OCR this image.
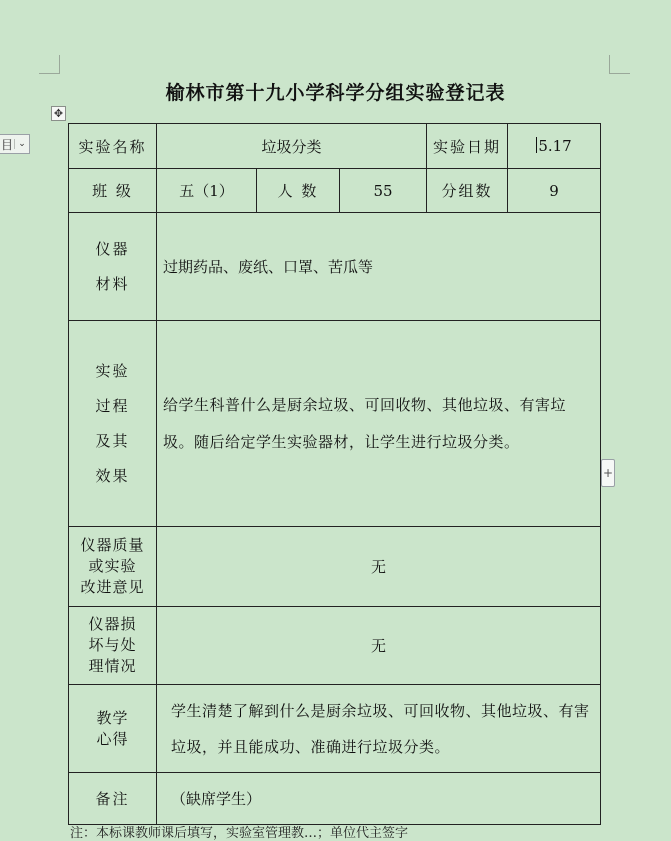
目 ⌄
✥
+
榆林市第十九小学科学分组实验登记表
实验名称	垃圾分类			实验日期	5.17
班 级	五（1）	人 数	55	分组数	9

仪器
材料	过期药品、废纸、口罩、苦瓜等				

实验
过程
及其
效果	给学生科普什么是厨余垃圾、可回收物、其他垃圾、有害垃圾。随后给定学生实验器材，让学生进行垃圾分类。				

仪器质量
或实验
改进意见	无				

仪器损
坏与处
理情况	无				

教学
心得	学生清楚了解到什么是厨余垃圾、可回收物、其他垃圾、有害垃圾，并且能成功、准确进行垃圾分类。				
备注	（缺席学生）				
注：本标课教师课后填写，实验室管理教…；单位代主签字
